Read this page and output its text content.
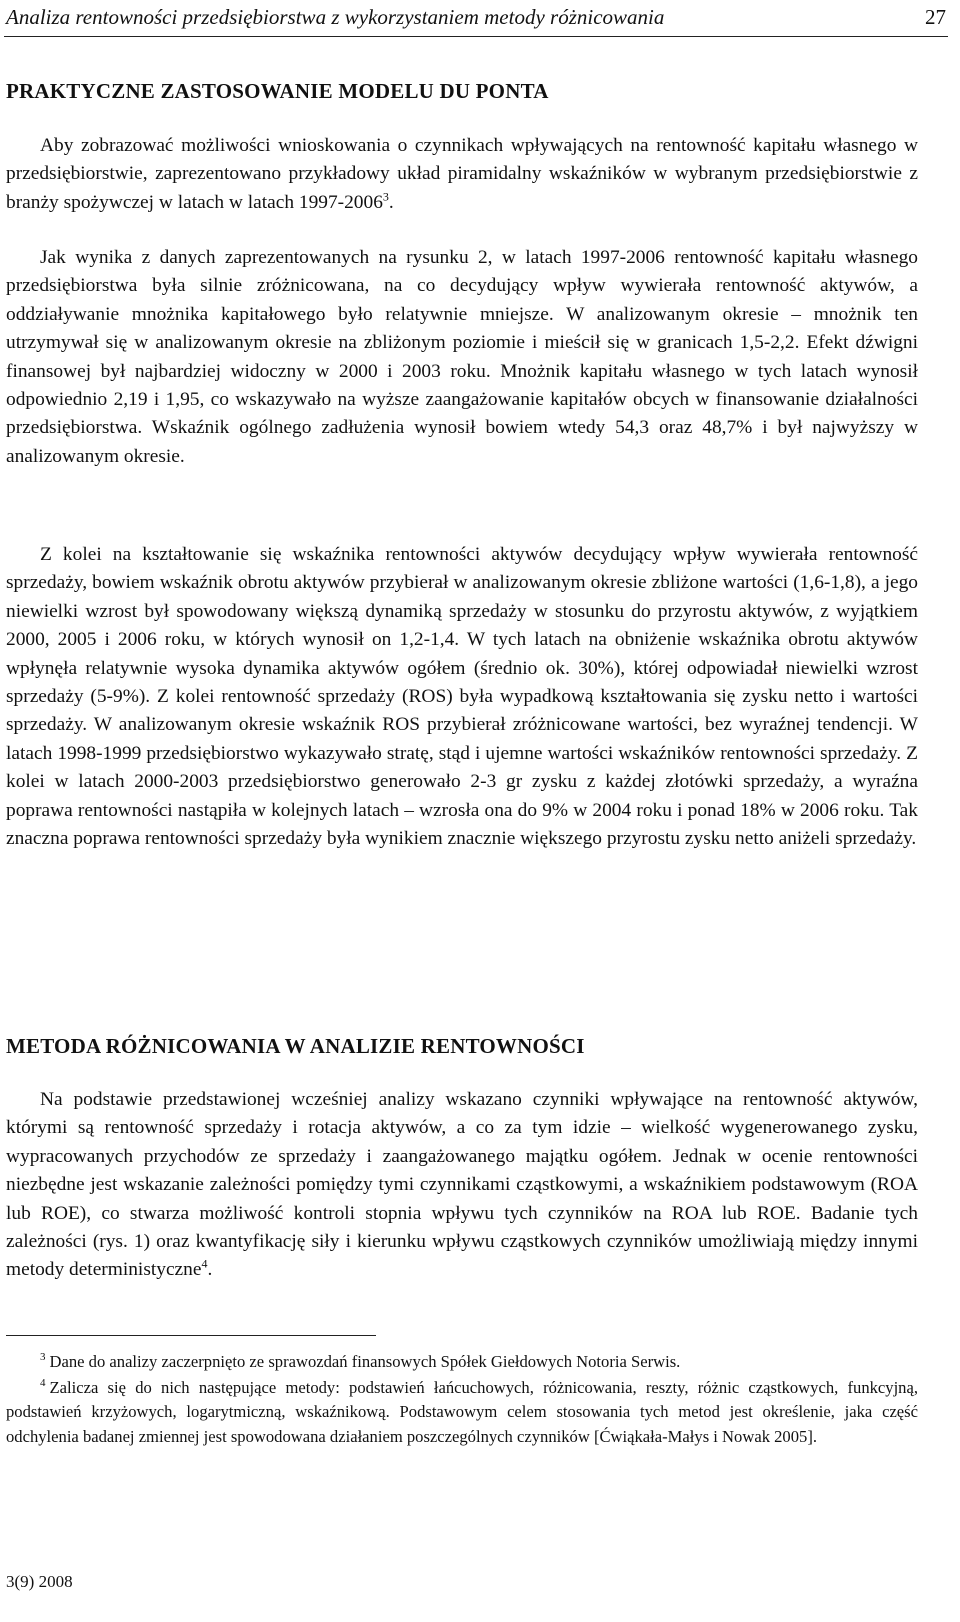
Analiza rentowności przedsiębiorstwa z wykorzystaniem metody różnicowania	27
PRAKTYCZNE ZASTOSOWANIE MODELU DU PONTA

Aby zobrazować możliwości wnioskowania o czynnikach wpływających na rentowność kapitału własnego w przedsiębiorstwie, zaprezentowano przykładowy układ piramidalny wskaźników w wybranym przedsiębiorstwie z branży spożywczej w latach w latach 1997-2006$^3$.

Jak wynika z danych zaprezentowanych na rysunku 2, w latach 1997-2006 rentowność kapitału własnego przedsiębiorstwa była silnie zróżnicowana, na co decydujący wpływ wywierała rentowność aktywów, a oddziaływanie mnożnika kapitałowego było relatywnie mniejsze. W analizowanym okresie – mnożnik ten utrzymywał się w analizowanym okresie na zbliżonym poziomie i mieścił się w granicach 1,5-2,2. Efekt dźwigni finansowej był najbardziej widoczny w 2000 i 2003 roku. Mnożnik kapitału własnego w tych latach wynosił odpowiednio 2,19 i 1,95, co wskazywało na wyższe zaangażowanie kapitałów obcych w finansowanie działalności przedsiębiorstwa. Wskaźnik ogólnego zadłużenia wynosił bowiem wtedy 54,3 oraz 48,7% i był najwyższy w analizowanym okresie.

Z kolei na kształtowanie się wskaźnika rentowności aktywów decydujący wpływ wywierała rentowność sprzedaży, bowiem wskaźnik obrotu aktywów przybierał w analizowanym okresie zbliżone wartości (1,6-1,8), a jego niewielki wzrost był spowodowany większą dynamiką sprzedaży w stosunku do przyrostu aktywów, z wyjątkiem 2000, 2005 i 2006 roku, w których wynosił on 1,2-1,4. W tych latach na obniżenie wskaźnika obrotu aktywów wpłynęła relatywnie wysoka dynamika aktywów ogółem (średnio ok. 30%), której odpowiadał niewielki wzrost sprzedaży (5-9%). Z kolei rentowność sprzedaży (ROS) była wypadkową kształtowania się zysku netto i wartości sprzedaży. W analizowanym okresie wskaźnik ROS przybierał zróżnicowane wartości, bez wyraźnej tendencji. W latach 1998-1999 przedsiębiorstwo wykazywało stratę, stąd i ujemne wartości wskaźników rentowności sprzedaży. Z kolei w latach 2000-2003 przedsiębiorstwo generowało 2-3 gr zysku z każdej złotówki sprzedaży, a wyraźna poprawa rentowności nastąpiła w kolejnych latach – wzrosła ona do 9% w 2004 roku i ponad 18% w 2006 roku. Tak znaczna poprawa rentowności sprzedaży była wynikiem znacznie większego przyrostu zysku netto aniżeli sprzedaży.

METODA RÓŻNICOWANIA W ANALIZIE RENTOWNOŚCI

Na podstawie przedstawionej wcześniej analizy wskazano czynniki wpływające na rentowność aktywów, którymi są rentowność sprzedaży i rotacja aktywów, a co za tym idzie – wielkość wygenerowanego zysku, wypracowanych przychodów ze sprzedaży i zaangażowanego majątku ogółem. Jednak w ocenie rentowności niezbędne jest wskazanie zależności pomiędzy tymi czynnikami cząstkowymi, a wskaźnikiem podstawowym (ROA lub ROE), co stwarza możliwość kontroli stopnia wpływu tych czynników na ROA lub ROE. Badanie tych zależności (rys. 1) oraz kwantyfikację siły i kierunku wpływu cząstkowych czynników umożliwiają między innymi metody deterministyczne$^4$.

$^3$ Dane do analizy zaczerpnięto ze sprawozdań finansowych Spółek Giełdowych Notoria Serwis.

$^4$ Zalicza się do nich następujące metody: podstawień łańcuchowych, różnicowania, reszty, różnic cząstkowych, funkcyjną, podstawień krzyżowych, logarytmiczną, wskaźnikową. Podstawowym celem stosowania tych metod jest określenie, jaka część odchylenia badanej zmiennej jest spowodowana działaniem poszczególnych czynników [Ćwiąkała-Małys i Nowak 2005].

3(9) 2008
